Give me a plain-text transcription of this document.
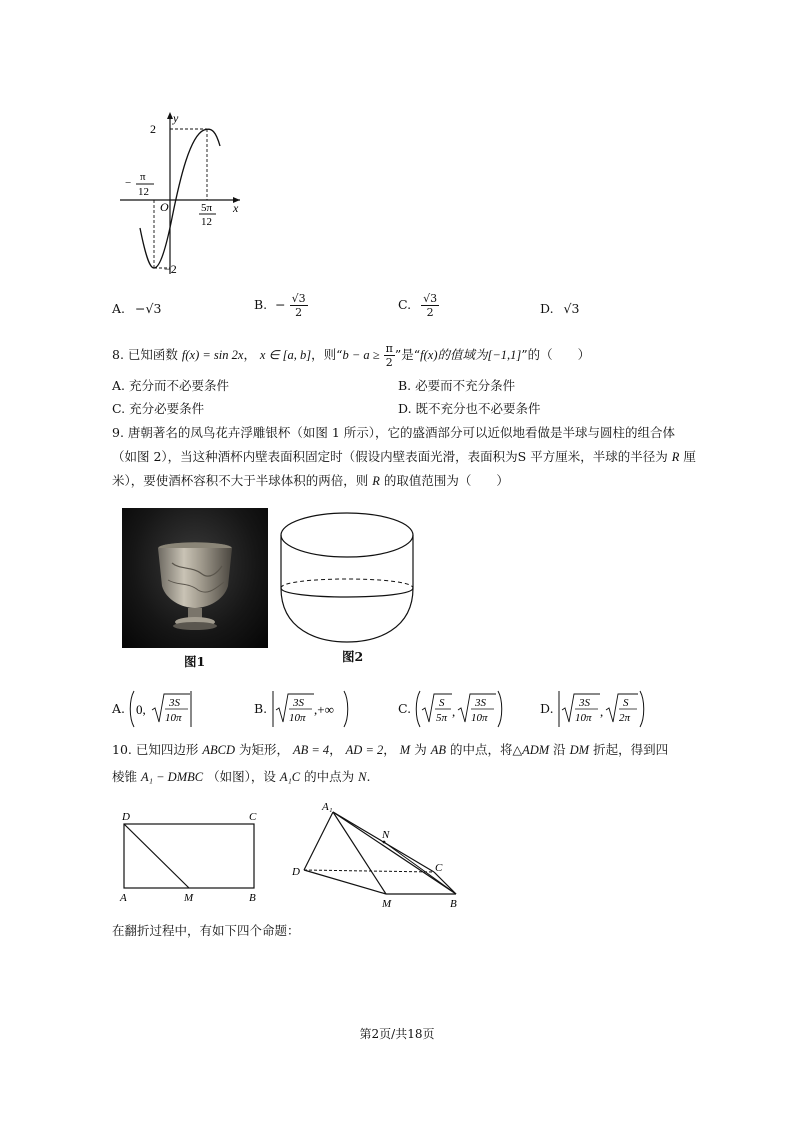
y
x
O
2
−2
− π
12
5π
12
A. −√3	B. − $\frac{√3}{2}$	C. $\frac{√3}{2}$	D. √3
8. 已知函数 f(x) = sin 2x， x ∈ [a, b]，则“$b - a \ge \frac{\pi}{2}$ ”是“f(x)的值域为[−1,1]”的（　　）
A. 充分而不必要条件	B. 必要而不充分条件
C. 充分必要条件	D. 既不充分也不必要条件
9. 唐朝著名的凤鸟花卉浮雕银杯（如图 1 所示），它的盛酒部分可以近似地看做是半球与圆柱的组合体
（如图 2），当这种酒杯内壁表面积固定时（假设内壁表面光滑，表面积为S 平方厘米，半球的半径为 R 厘
米），要使酒杯容积不大于半球体积的两倍，则 R 的取值范围为（　　）
图1	图2
A. 0, 3S
10π
B. 3S
10π
,+∞	C.	S
5π ,
3S
10π
D. 3S
10π ,
S
2π
10. 已知四边形 ABCD 为矩形， AB = 4， AD = 2， M 为 AB 的中点，将△ADM 沿 DM 折起，得到四
棱锥 A₁ − DMBC （如图），设 A₁C 的中点为 N.
D	C
A	M	B
A₁
N
D	C
M	B
在翻折过程中，有如下四个命题：
第2页/共18页
